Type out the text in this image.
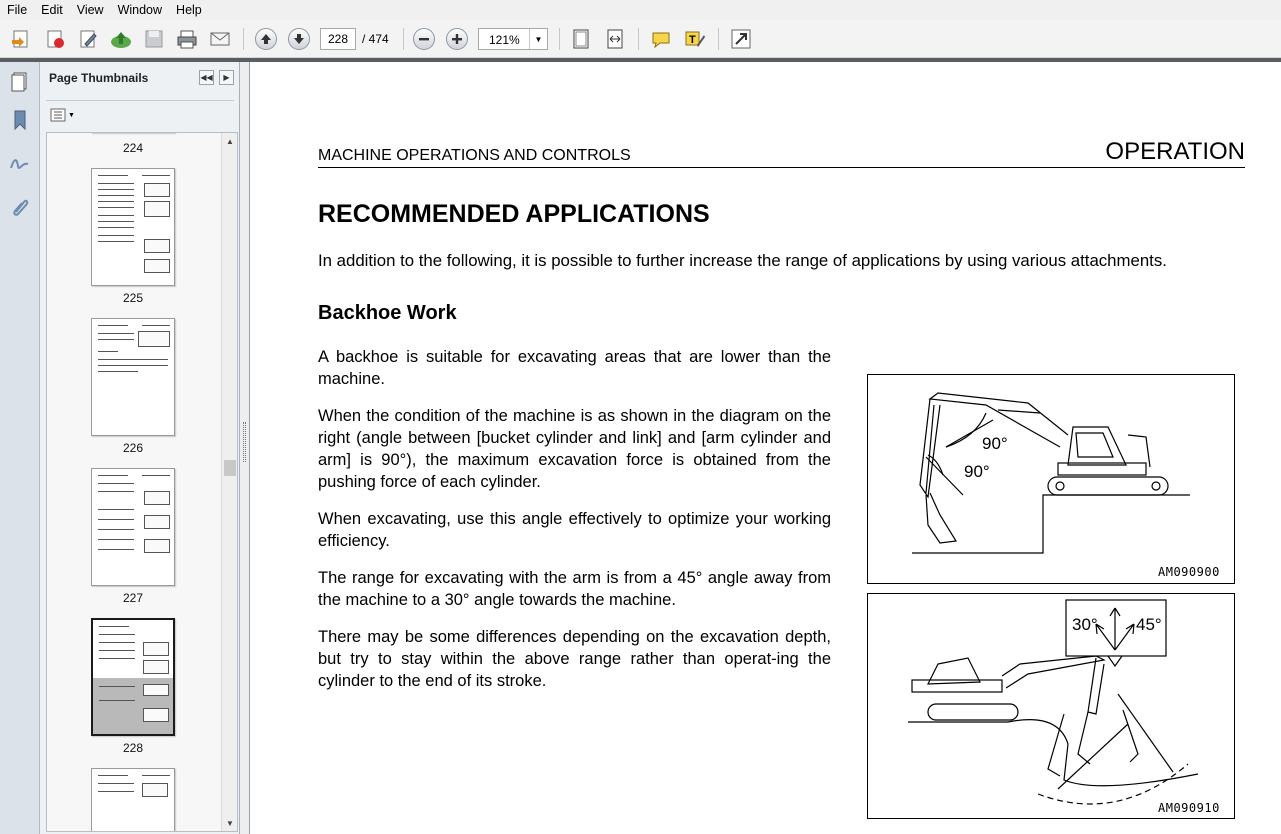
File	Edit	View	Window	Help
228
/ 474	121%	▼	T
Page Thumbnails	◀◀	▶
▼
224
225
226
227
228
▲
▼
MACHINE OPERATIONS AND CONTROLS	OPERATION
RECOMMENDED APPLICATIONS
In addition to the following, it is possible to further increase the range of applications by using various attachments.
Backhoe Work
A backhoe is suitable for excavating areas that are lower than the machine.
When the condition of the machine is as shown in the diagram on the right (angle between [bucket cylinder and link] and [arm cylinder and arm] is 90°), the maximum excavation force is obtained from the pushing force of each cylinder.
When excavating, use this angle effectively to optimize your working efficiency.
The range for excavating with the arm is from a 45° angle away from the machine to a 30° angle towards the machine.
There may be some differences depending on the excavation depth, but try to stay within the above range rather than operat-ing the cylinder to the end of its stroke.
90°
90°
AM090900
30° 45°
AM090910
